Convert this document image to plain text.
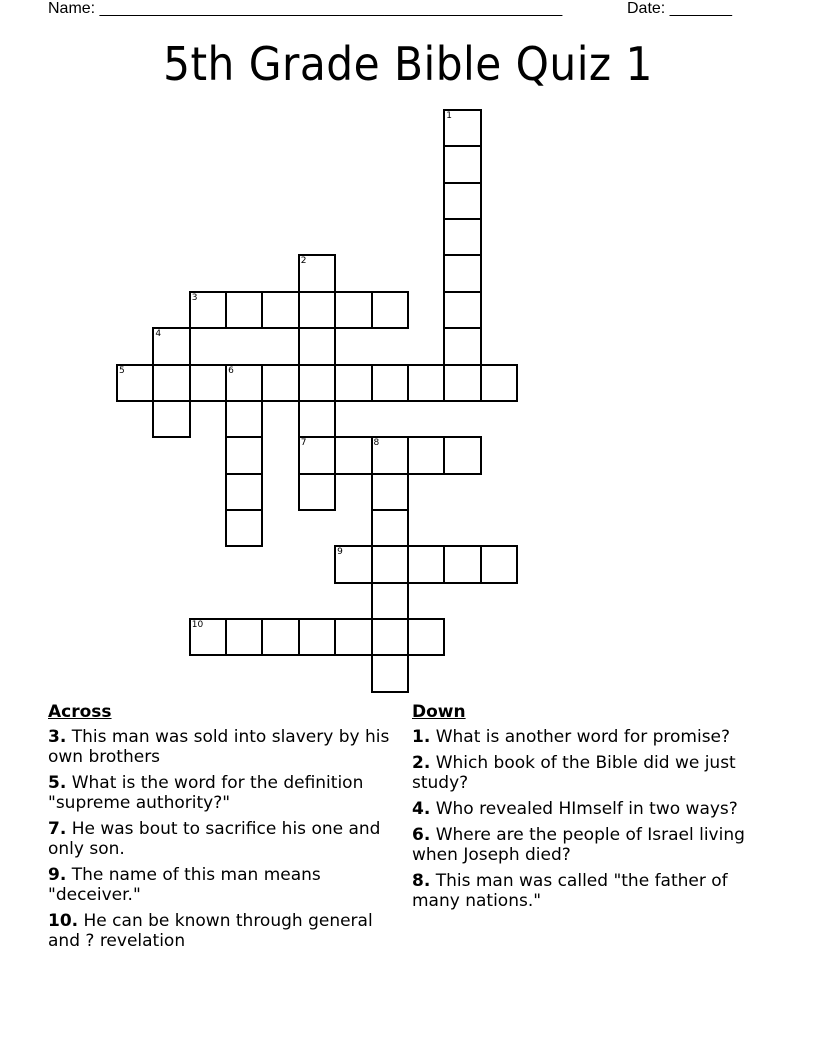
Name: ____________________________________________________	Date: _______
5th Grade Bible Quiz 1
1
2
7
3
4
5	6
8
9
10
Across
3. This man was sold into slavery by his own brothers
5. What is the word for the definition "supreme authority?"
7. He was bout to sacrifice his one and only son.
9. The name of this man means "deceiver."
10. He can be known through general and ? revelation
Down
1. What is another word for promise?
2. Which book of the Bible did we just study?
4. Who revealed HImself in two ways?
6. Where are the people of Israel living when Joseph died?
8. This man was called "the father of many nations."
